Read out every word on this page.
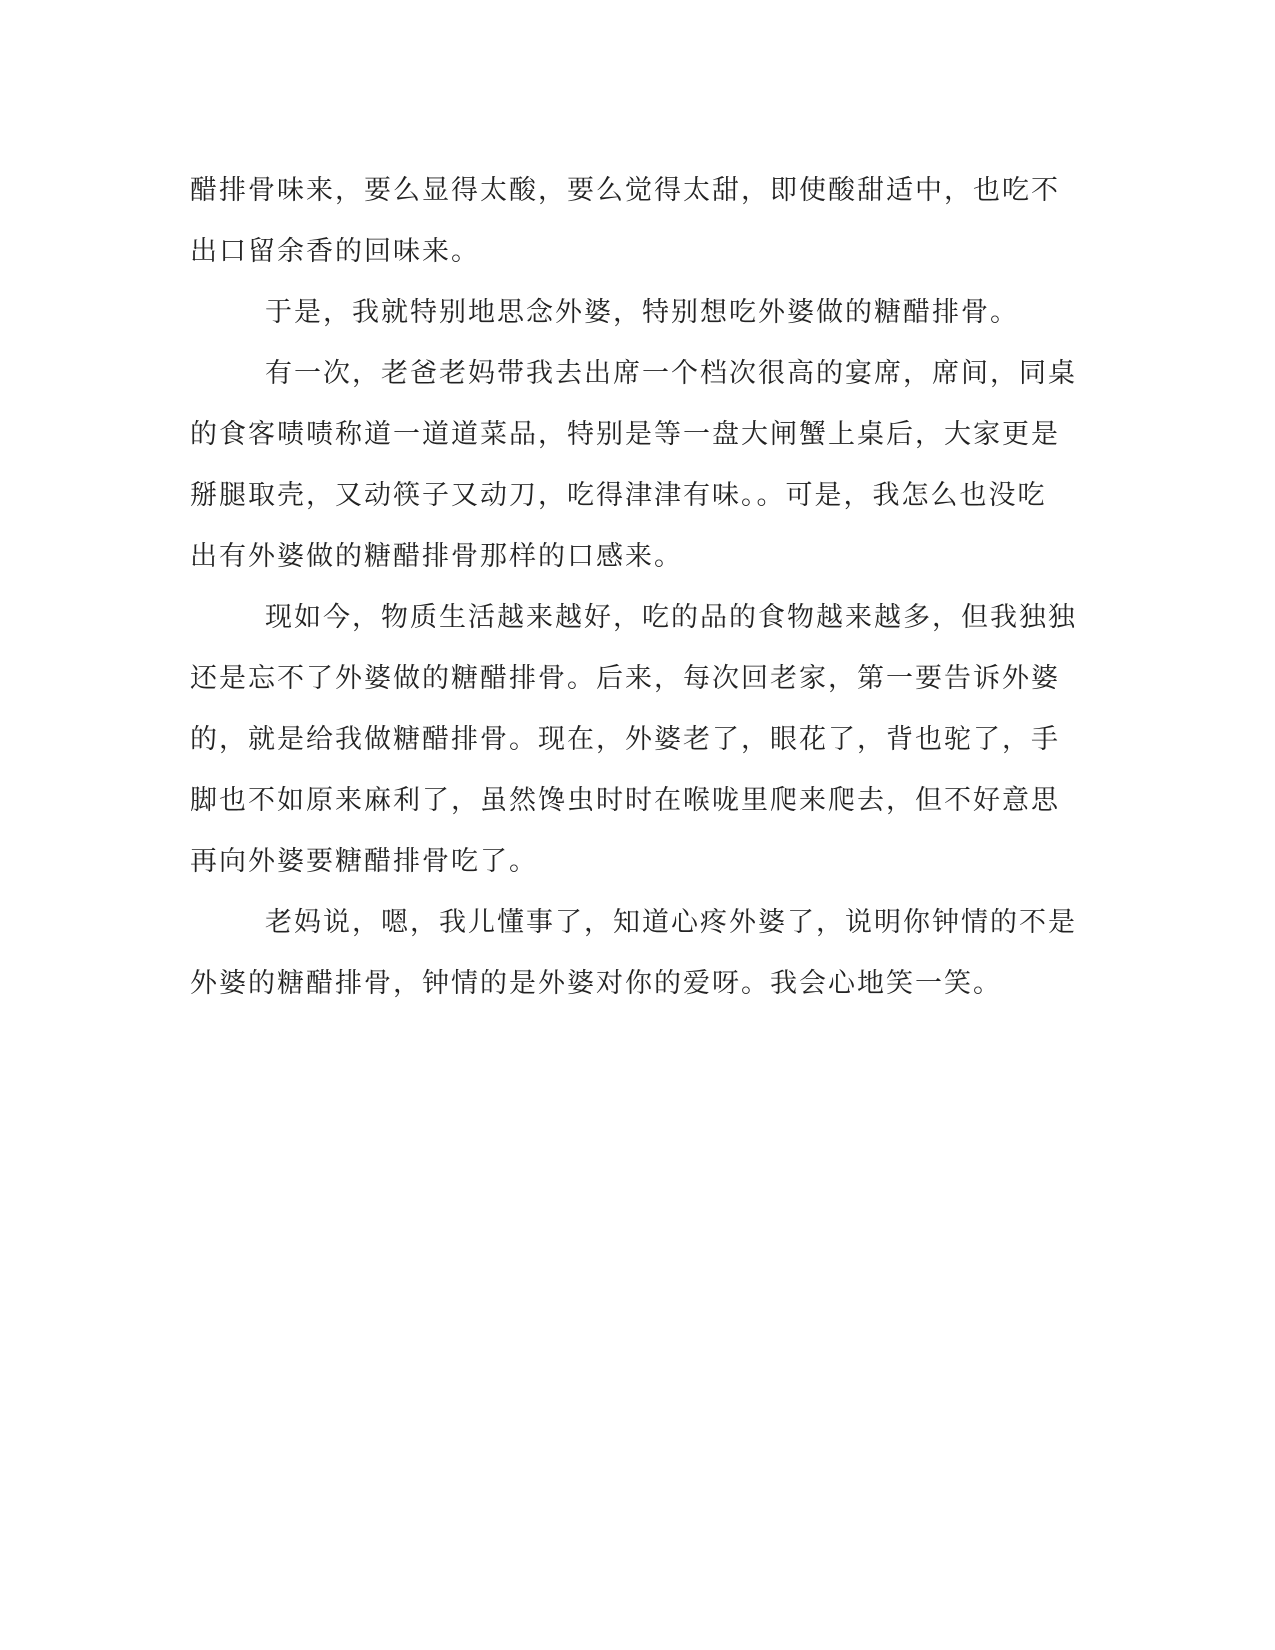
醋排骨味来，要么显得太酸，要么觉得太甜，即使酸甜适中，也吃不
出口留余香的回味来。

于是，我就特别地思念外婆，特别想吃外婆做的糖醋排骨。

有一次，老爸老妈带我去出席一个档次很高的宴席，席间，同桌
的食客啧啧称道一道道菜品，特别是等一盘大闸蟹上桌后，大家更是
掰腿取壳，又动筷子又动刀，吃得津津有味。。可是，我怎么也没吃
出有外婆做的糖醋排骨那样的口感来。

现如今，物质生活越来越好，吃的品的食物越来越多，但我独独
还是忘不了外婆做的糖醋排骨。后来，每次回老家，第一要告诉外婆
的，就是给我做糖醋排骨。现在，外婆老了，眼花了，背也驼了，手
脚也不如原来麻利了，虽然馋虫时时在喉咙里爬来爬去，但不好意思
再向外婆要糖醋排骨吃了。

老妈说，嗯，我儿懂事了，知道心疼外婆了，说明你钟情的不是
外婆的糖醋排骨，钟情的是外婆对你的爱呀。我会心地笑一笑。
